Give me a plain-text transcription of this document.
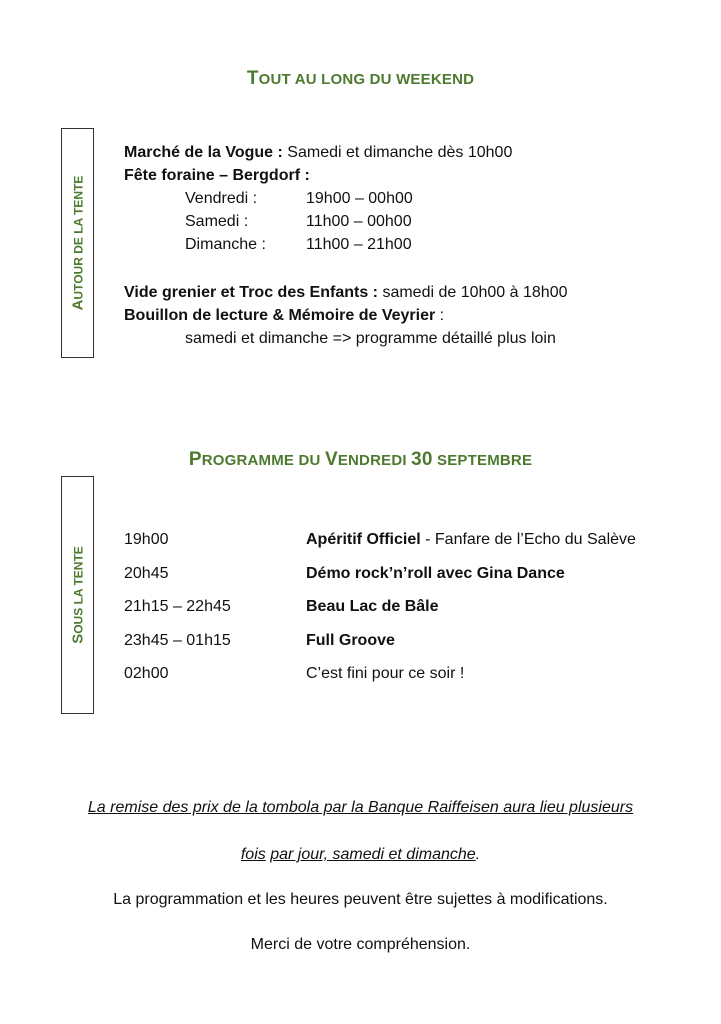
TOUT AU LONG DU WEEKEND
AUTOUR DE LA TENTE
Marché de la Vogue : Samedi et dimanche dès 10h00
Fête foraine – Bergdorf :
Vendredi :	19h00 – 00h00
Samedi :	11h00 – 00h00
Dimanche :	11h00 – 21h00
Vide grenier et Troc des Enfants : samedi de 10h00 à 18h00
Bouillon de lecture & Mémoire de Veyrier :
samedi et dimanche => programme détaillé plus loin
PROGRAMME DU VENDREDI 30 SEPTEMBRE
SOUS LA TENTE
19h00	Apéritif Officiel - Fanfare de l’Echo du Salève
20h45	Démo rock’n’roll avec Gina Dance
21h15 – 22h45	Beau Lac de Bâle
23h45 – 01h15	Full Groove
02h00	C’est fini pour ce soir !
La remise des prix de la tombola par la Banque Raiffeisen aura lieu plusieurs
fois par jour, samedi et dimanche.
La programmation et les heures peuvent être sujettes à modifications.
Merci de votre compréhension.
